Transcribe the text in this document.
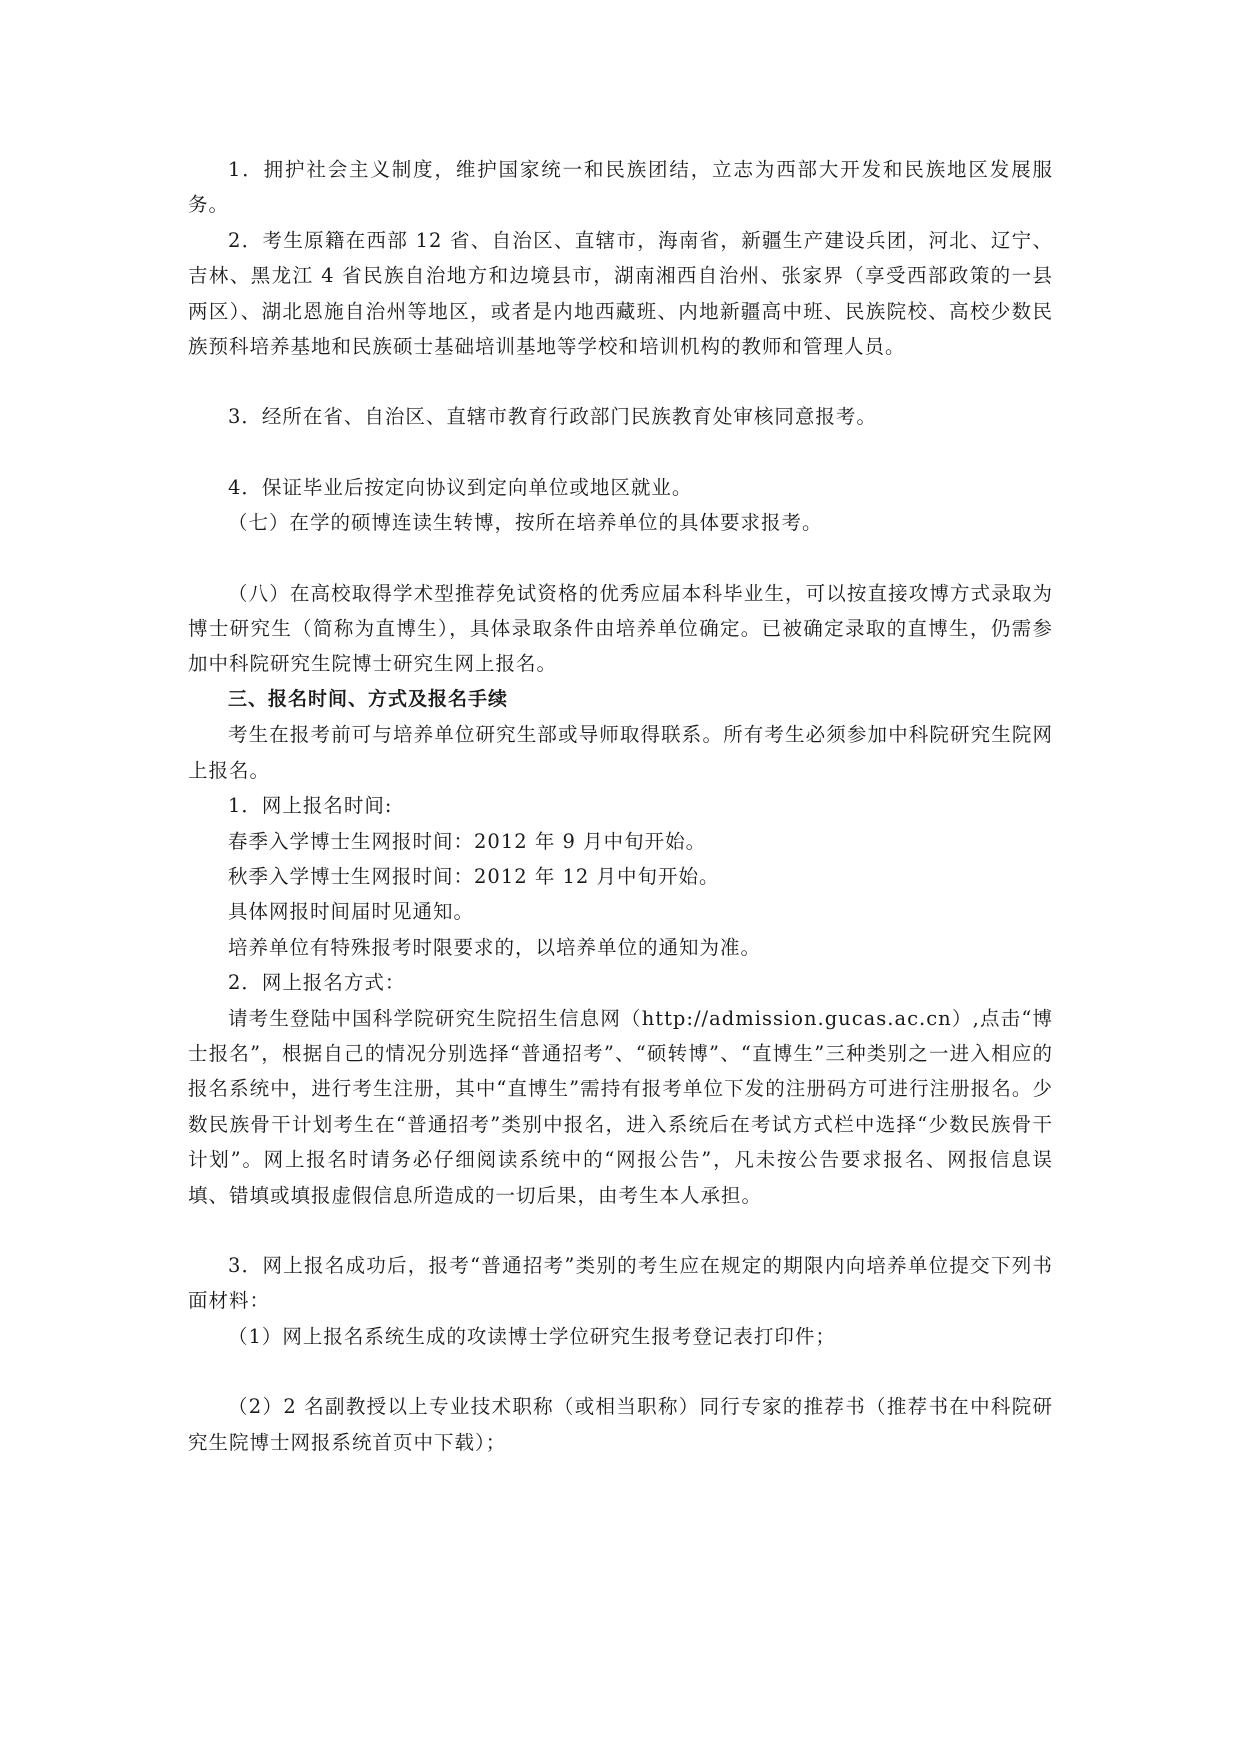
1．拥护社会主义制度，维护国家统一和民族团结，立志为西部大开发和民族地区发展服务。

2．考生原籍在西部 12 省、自治区、直辖市，海南省，新疆生产建设兵团，河北、辽宁、吉林、黑龙江 4 省民族自治地方和边境县市，湖南湘西自治州、张家界（享受西部政策的一县两区）、湖北恩施自治州等地区，或者是内地西藏班、内地新疆高中班、民族院校、高校少数民族预科培养基地和民族硕士基础培训基地等学校和培训机构的教师和管理人员。

3．经所在省、自治区、直辖市教育行政部门民族教育处审核同意报考。

4．保证毕业后按定向协议到定向单位或地区就业。

（七）在学的硕博连读生转博，按所在培养单位的具体要求报考。

（八）在高校取得学术型推荐免试资格的优秀应届本科毕业生，可以按直接攻博方式录取为博士研究生（简称为直博生），具体录取条件由培养单位确定。已被确定录取的直博生，仍需参加中科院研究生院博士研究生网上报名。

三、报名时间、方式及报名手续

考生在报考前可与培养单位研究生部或导师取得联系。所有考生必须参加中科院研究生院网上报名。

1．网上报名时间:

春季入学博士生网报时间：2012 年 9 月中旬开始。

秋季入学博士生网报时间：2012 年 12 月中旬开始。

具体网报时间届时见通知。

培养单位有特殊报考时限要求的，以培养单位的通知为准。

2．网上报名方式：

请考生登陆中国科学院研究生院招生信息网（http://admission.gucas.ac.cn）,点击“博士报名”，根据自己的情况分别选择“普通招考”、“硕转博”、“直博生”三种类别之一进入相应的报名系统中，进行考生注册，其中“直博生”需持有报考单位下发的注册码方可进行注册报名。少数民族骨干计划考生在“普通招考”类别中报名，进入系统后在考试方式栏中选择“少数民族骨干计划”。网上报名时请务必仔细阅读系统中的“网报公告”，凡未按公告要求报名、网报信息误填、错填或填报虚假信息所造成的一切后果，由考生本人承担。

3．网上报名成功后，报考“普通招考”类别的考生应在规定的期限内向培养单位提交下列书面材料：

（1）网上报名系统生成的攻读博士学位研究生报考登记表打印件；

（2）2 名副教授以上专业技术职称（或相当职称）同行专家的推荐书（推荐书在中科院研究生院博士网报系统首页中下载）；
